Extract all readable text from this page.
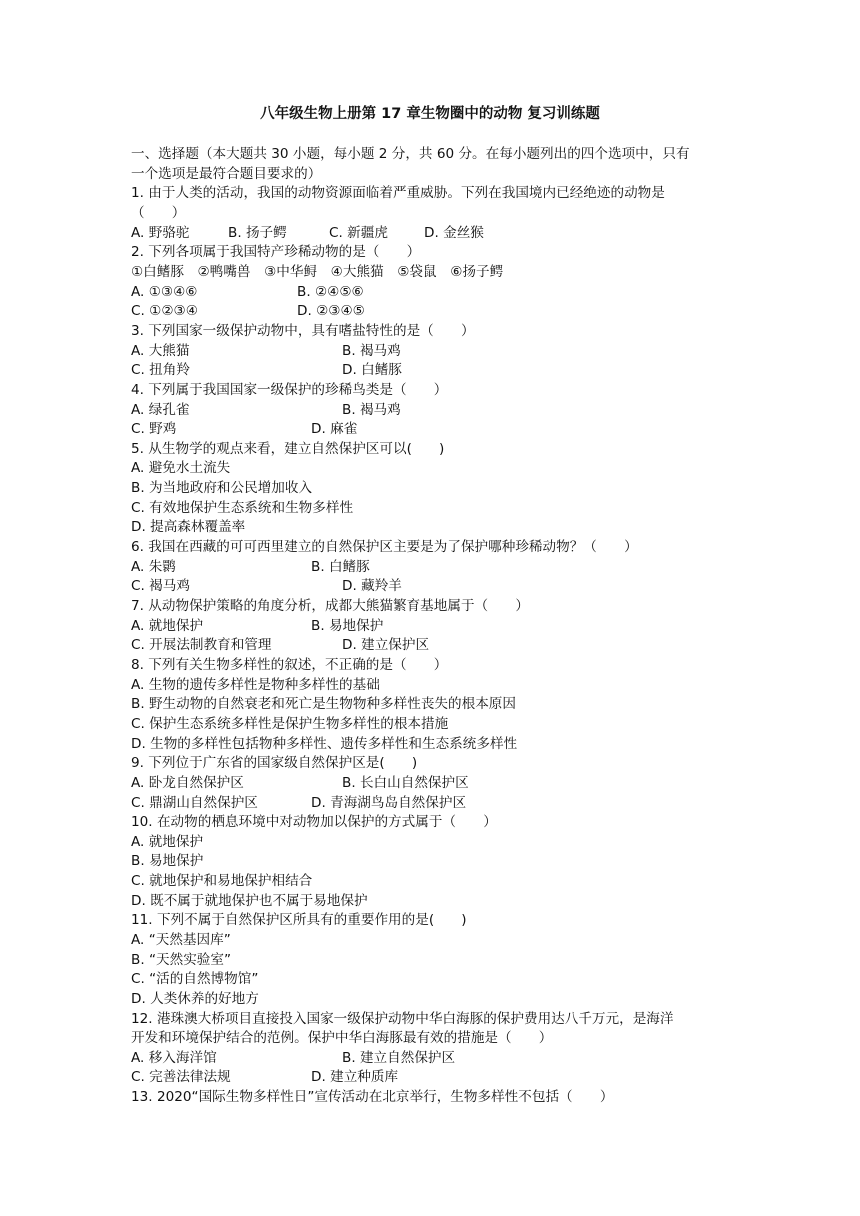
八年级生物上册第 17 章生物圈中的动物 复习训练题
一、选择题（本大题共 30 小题，每小题 2 分，共 60 分。在每小题列出的四个选项中，只有
一个选项是最符合题目要求的）
1. 由于人类的活动，我国的动物资源面临着严重威胁。下列在我国境内已经绝迹的动物是
（　　）
A. 野骆驼	B. 扬子鳄	C. 新疆虎	D. 金丝猴
2. 下列各项属于我国特产珍稀动物的是（　　）
①白鳍豚　②鸭嘴兽　③中华鲟　④大熊猫　⑤袋鼠　⑥扬子鳄
A. ①③④⑥	B. ②④⑤⑥
C. ①②③④	D. ②③④⑤
3. 下列国家一级保护动物中，具有嗜盐特性的是（　　）
A. 大熊猫	B. 褐马鸡
C. 扭角羚	D. 白鳍豚
4. 下列属于我国国家一级保护的珍稀鸟类是（　　）
A. 绿孔雀	B. 褐马鸡
C. 野鸡	D. 麻雀
5. 从生物学的观点来看，建立自然保护区可以(　　)
A. 避免水土流失
B. 为当地政府和公民增加收入
C. 有效地保护生态系统和生物多样性
D. 提高森林覆盖率
6. 我国在西藏的可可西里建立的自然保护区主要是为了保护哪种珍稀动物？（　　）
A. 朱鹮	B. 白鳍豚
C. 褐马鸡	D. 藏羚羊
7. 从动物保护策略的角度分析，成都大熊猫繁育基地属于（　　）
A. 就地保护	B. 易地保护
C. 开展法制教育和管理	D. 建立保护区
8. 下列有关生物多样性的叙述，不正确的是（　　）
A. 生物的遗传多样性是物种多样性的基础
B. 野生动物的自然衰老和死亡是生物物种多样性丧失的根本原因
C. 保护生态系统多样性是保护生物多样性的根本措施
D. 生物的多样性包括物种多样性、遗传多样性和生态系统多样性
9. 下列位于广东省的国家级自然保护区是(　　)
A. 卧龙自然保护区	B. 长白山自然保护区
C. 鼎湖山自然保护区	D. 青海湖鸟岛自然保护区
10. 在动物的栖息环境中对动物加以保护的方式属于（　　）
A. 就地保护
B. 易地保护
C. 就地保护和易地保护相结合
D. 既不属于就地保护也不属于易地保护
11. 下列不属于自然保护区所具有的重要作用的是(　　)
A. “天然基因库”
B. “天然实验室”
C. “活的自然博物馆”
D. 人类休养的好地方
12. 港珠澳大桥项目直接投入国家一级保护动物中华白海豚的保护费用达八千万元，是海洋
开发和环境保护结合的范例。保护中华白海豚最有效的措施是（　　）
A. 移入海洋馆	B. 建立自然保护区
C. 完善法律法规	D. 建立种质库
13. 2020“国际生物多样性日”宣传活动在北京举行，生物多样性不包括（　　）
